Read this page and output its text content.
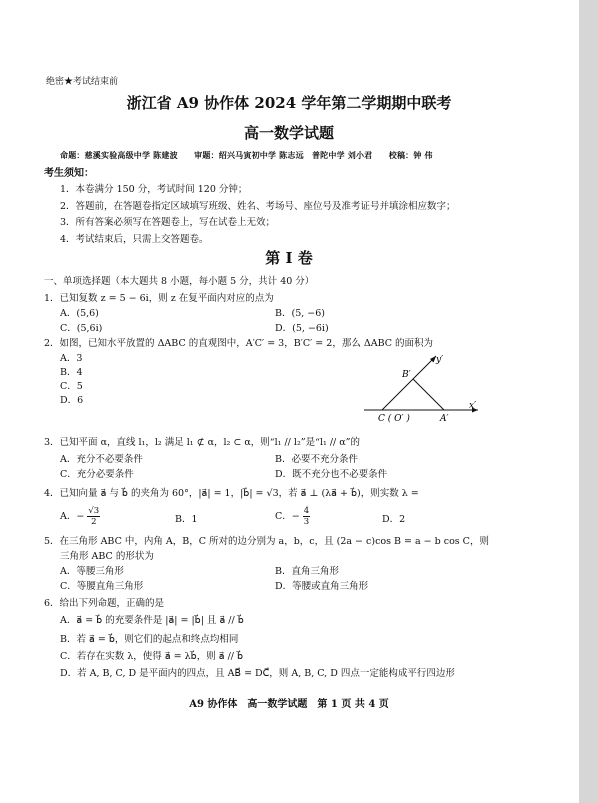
绝密★考试结束前
浙江省 A9 协作体 2024 学年第二学期期中联考
高一数学试题
命题：慈溪实验高级中学 陈建波　　审题：绍兴马寅初中学 陈志远　普陀中学 刘小君　　校稿：钟 伟
考生须知：
1．本卷满分 150 分，考试时间 120 分钟；
2．答题前，在答题卷指定区域填写班级、姓名、考场号、座位号及准考证号并填涂相应数字；
3．所有答案必须写在答题卷上，写在试卷上无效；
4．考试结束后，只需上交答题卷。
第 I 卷
一、单项选择题（本大题共 8 小题，每小题 5 分，共计 40 分）
1．已知复数 z = 5 − 6i，则 z 在复平面内对应的点为
A．(5,6)	B．(5, −6)
C．(5,6i)	D．(5, −6i)
2．如图，已知水平放置的 ΔABC 的直观图中，A′C′ = 3，B′C′ = 2，那么 ΔABC 的面积为
A．3
B．4
C．5
D．6
B′
y′
C ( O′ )	A′
x′
3．已知平面 α，直线 l₁，l₂ 满足 l₁ ⊄ α，l₂ ⊂ α，则“l₁ // l₂”是“l₁ // α”的
A．充分不必要条件	B．必要不充分条件
C．充分必要条件	D．既不充分也不必要条件
4．已知向量 a⃗ 与 b⃗ 的夹角为 60°，|a⃗| = 1，|b⃗| = √3，若 a⃗ ⊥ (λa⃗ + b⃗)，则实数 λ =
A．− $\frac{√3}{2}$	B．1	C．− $\frac{4}{3}$	D．2
5．在三角形 ABC 中，内角 A，B，C 所对的边分别为 a，b，c，且 (2a − c)cos B = a − b cos C，则
三角形 ABC 的形状为
A．等腰三角形	B．直角三角形
C．等腰直角三角形	D．等腰或直角三角形
6．给出下列命题，正确的是
A．a⃗ = b⃗ 的充要条件是 |a⃗| = |b⃗| 且 a⃗ // b⃗
B．若 a⃗ = b⃗，则它们的起点和终点均相同
C．若存在实数 λ，使得 a⃗ = λb⃗，则 a⃗ // b⃗
D．若 A, B, C, D 是平面内的四点，且 AB⃗ = DC⃗，则 A, B, C, D 四点一定能构成平行四边形
A9 协作体　高一数学试题　第 1 页 共 4 页
